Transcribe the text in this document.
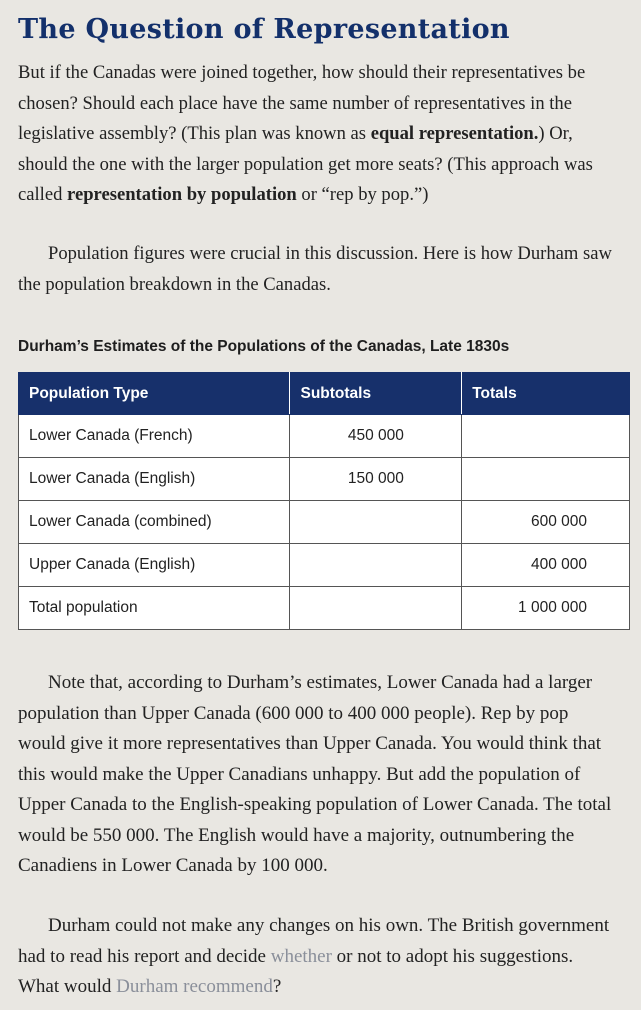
The Question of Representation

But if the Canadas were joined together, how should their representatives be chosen? Should each place have the same number of representatives in the legislative assembly? (This plan was known as equal representation.) Or, should the one with the larger population get more seats? (This approach was called representation by population or “rep by pop.”)

Population figures were crucial in this discussion. Here is how Durham saw the population breakdown in the Canadas.

Durham’s Estimates of the Populations of the Canadas, Late 1830s

Population Type	Subtotals	Totals
Lower Canada (French)	450 000	
Lower Canada (English)	150 000	
Lower Canada (combined)		600 000
Upper Canada (English)		400 000
Total population		1 000 000

Note that, according to Durham’s estimates, Lower Canada had a larger population than Upper Canada (600 000 to 400 000 people). Rep by pop would give it more representatives than Upper Canada. You would think that this would make the Upper Canadians unhappy. But add the population of Upper Canada to the English-speaking population of Lower Canada. The total would be 550 000. The English would have a majority, outnumbering the Canadiens in Lower Canada by 100 000.

Durham could not make any changes on his own. The British government had to read his report and decide whether or not to adopt his suggestions. What would Durham recommend?
